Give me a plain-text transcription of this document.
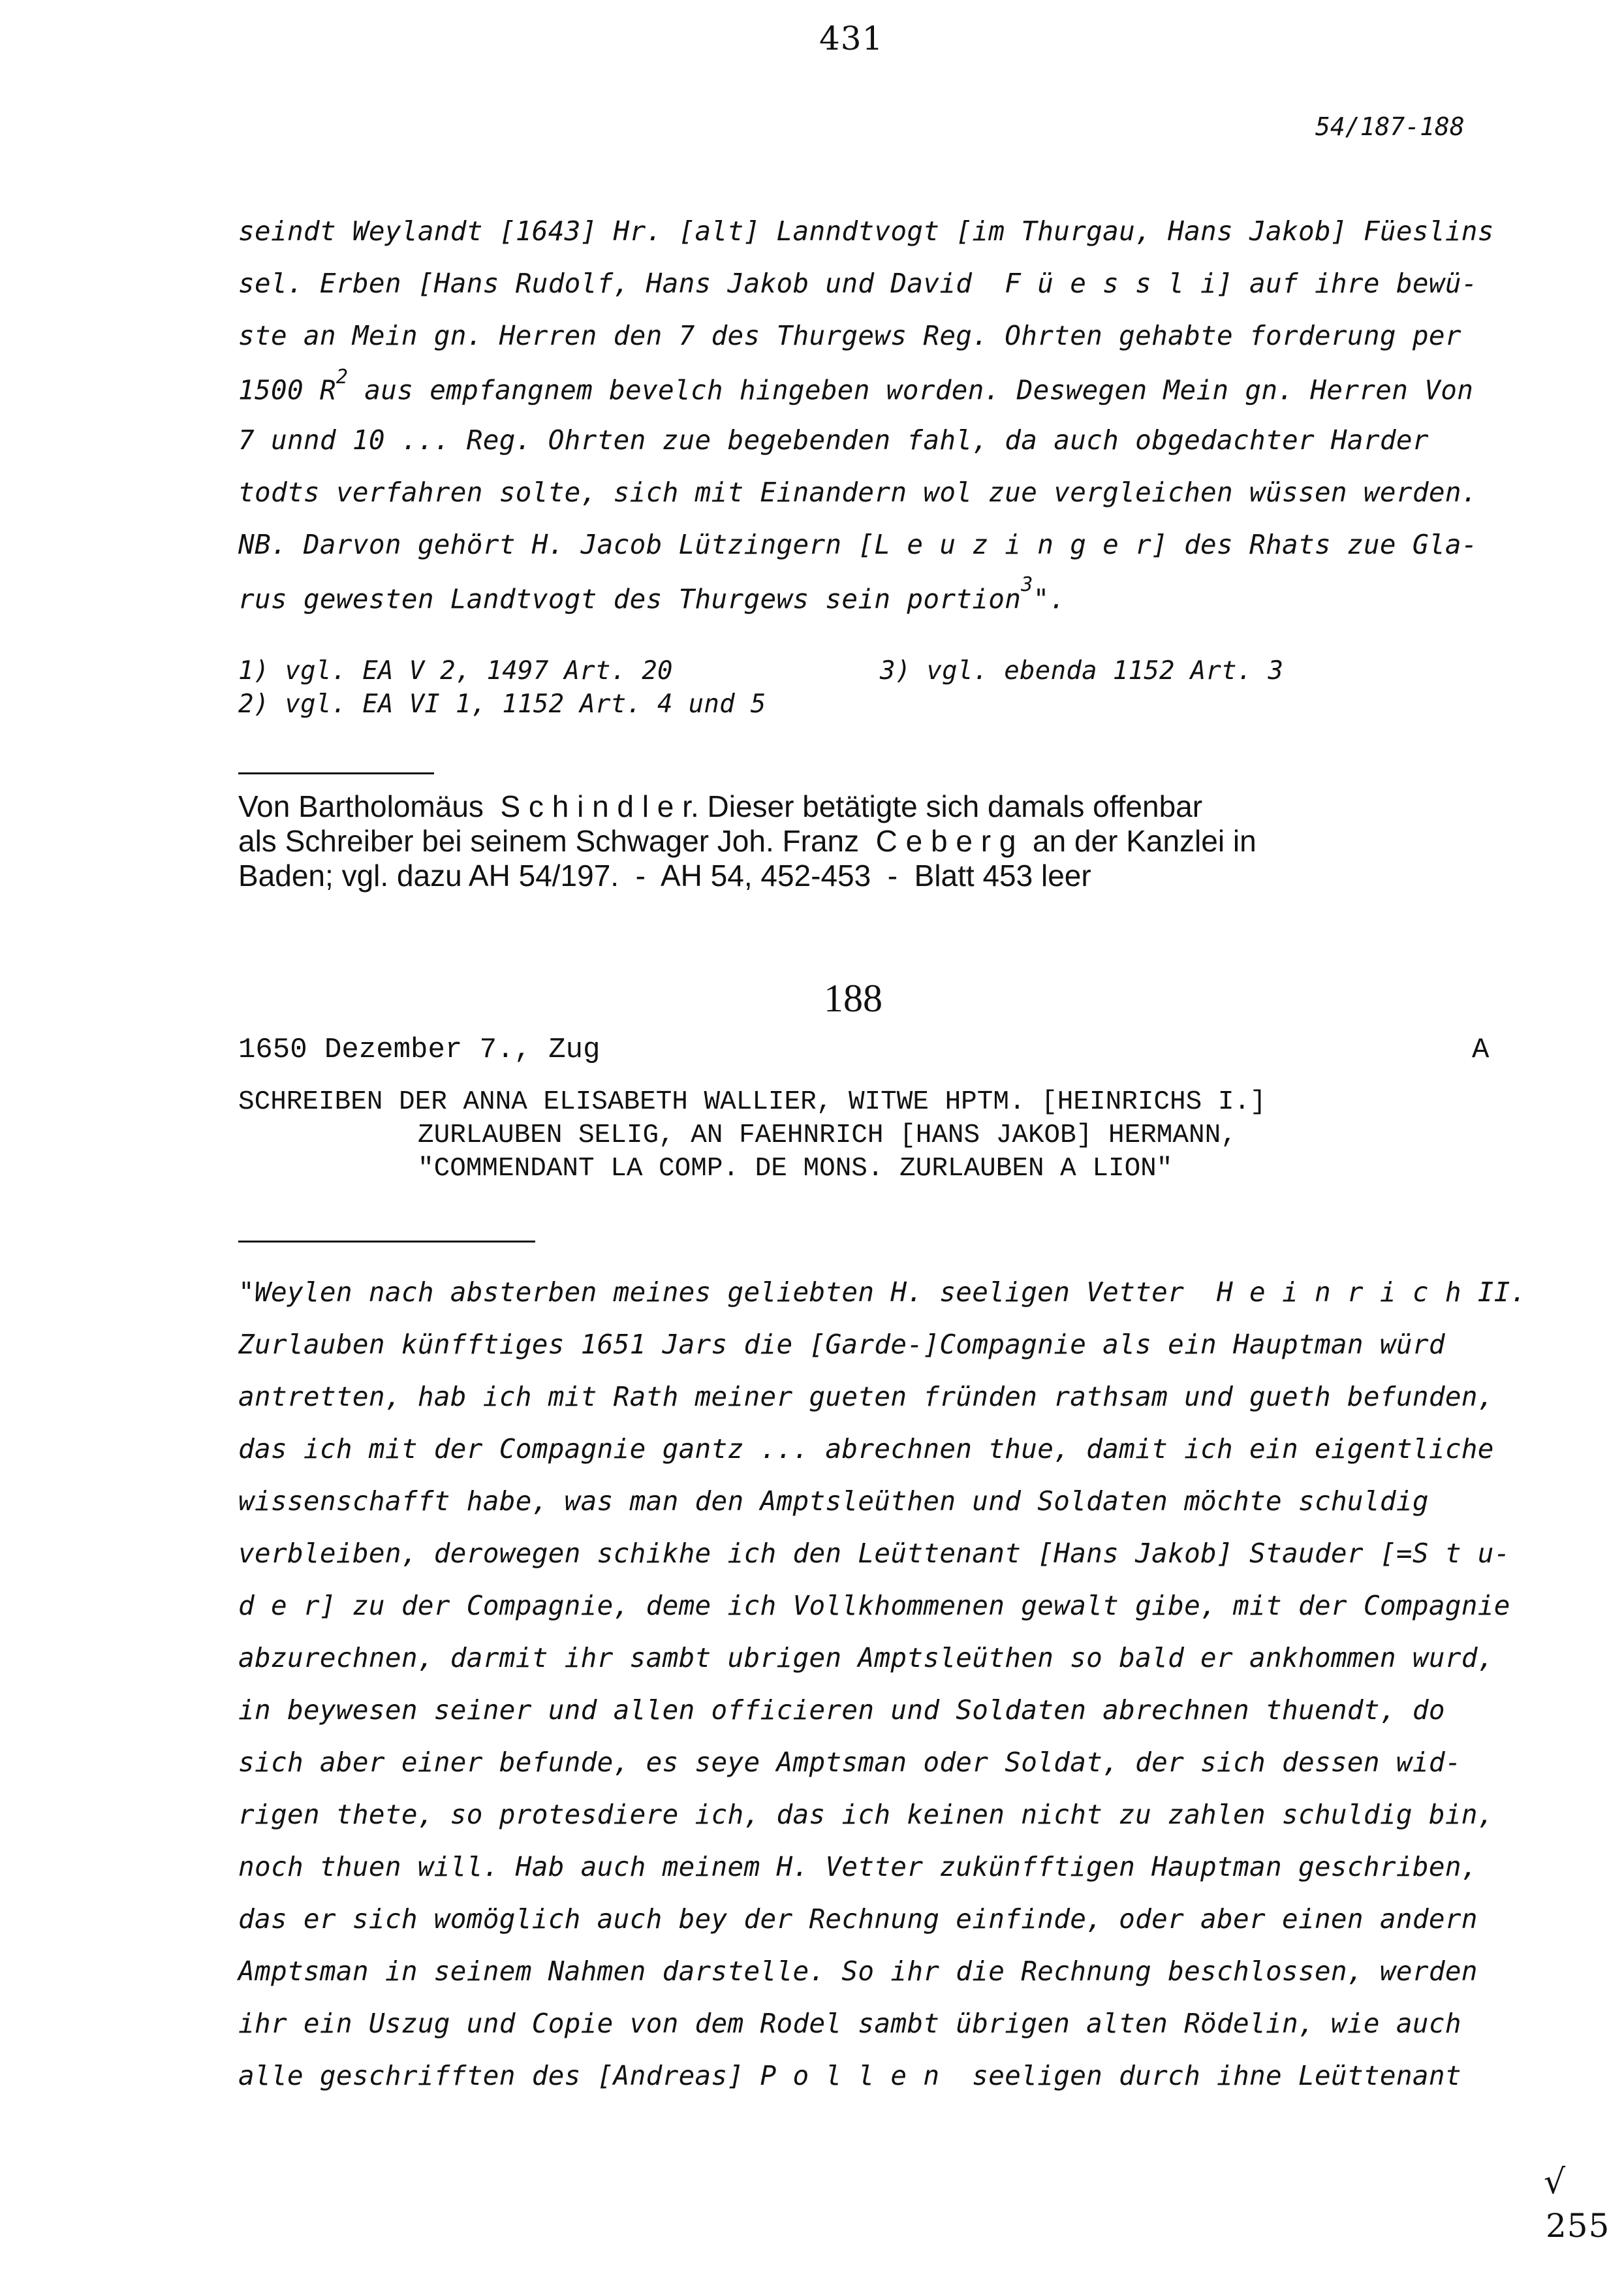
431
54/187-188
seindt Weylandt [1643] Hr. [alt] Lanndtvogt [im Thurgau, Hans Jakob] Füeslins
sel. Erben [Hans Rudolf, Hans Jakob und David  F ü e s s l i] auf ihre bewü-
ste an Mein gn. Herren den 7 des Thurgews Reg. Ohrten gehabte forderung per
1500 $R^2$ aus empfangnem bevelch hingeben worden. Deswegen Mein gn. Herren Von
7 unnd 10 ... Reg. Ohrten zue begebenden fahl, da auch obgedachter Harder
todts verfahren solte, sich mit Einandern wol zue vergleichen wüssen werden.
NB. Darvon gehört H. Jacob Lützingern [L e u z i n g e r] des Rhats zue Gla-
rus gewesten Landtvogt des Thurgews sein portion$^3$".
1) vgl. EA V 2, 1497 Art. 20
2) vgl. EA VI 1, 1152 Art. 4 und 5
3) vgl. ebenda 1152 Art. 3
Von Bartholomäus  S c h i n d l e r. Dieser betätigte sich damals offenbar
als Schreiber bei seinem Schwager Joh. Franz  C e b e r g  an der Kanzlei in
Baden; vgl. dazu AH 54/197.  -  AH 54, 452-453  -  Blatt 453 leer
188
1650 Dezember 7., Zug	A
SCHREIBEN DER ANNA ELISABETH WALLIER, WITWE HPTM. [HEINRICHS I.]
ZURLAUBEN SELIG, AN FAEHNRICH [HANS JAKOB] HERMANN,
"COMMENDANT LA COMP. DE MONS. ZURLAUBEN A LION"
"Weylen nach absterben meines geliebten H. seeligen Vetter  H e i n r i c h II.
Zurlauben künfftiges 1651 Jars die [Garde-]Compagnie als ein Hauptman würd
antretten, hab ich mit Rath meiner gueten fründen rathsam und gueth befunden,
das ich mit der Compagnie gantz ... abrechnen thue, damit ich ein eigentliche
wissenschafft habe, was man den Amptsleüthen und Soldaten möchte schuldig
verbleiben, derowegen schikhe ich den Leüttenant [Hans Jakob] Stauder [=S t u-
d e r] zu der Compagnie, deme ich Vollkhommenen gewalt gibe, mit der Compagnie
abzurechnen, darmit ihr sambt ubrigen Amptsleüthen so bald er ankhommen wurd,
in beywesen seiner und allen officieren und Soldaten abrechnen thuendt, do
sich aber einer befunde, es seye Amptsman oder Soldat, der sich dessen wid-
rigen thete, so protesdiere ich, das ich keinen nicht zu zahlen schuldig bin,
noch thuen will. Hab auch meinem H. Vetter zukünfftigen Hauptman geschriben,
das er sich womöglich auch bey der Rechnung einfinde, oder aber einen andern
Amptsman in seinem Nahmen darstelle. So ihr die Rechnung beschlossen, werden
ihr ein Uszug und Copie von dem Rodel sambt übrigen alten Rödelin, wie auch
alle geschrifften des [Andreas] P o l l e n  seeligen durch ihne Leüttenant
√
255
